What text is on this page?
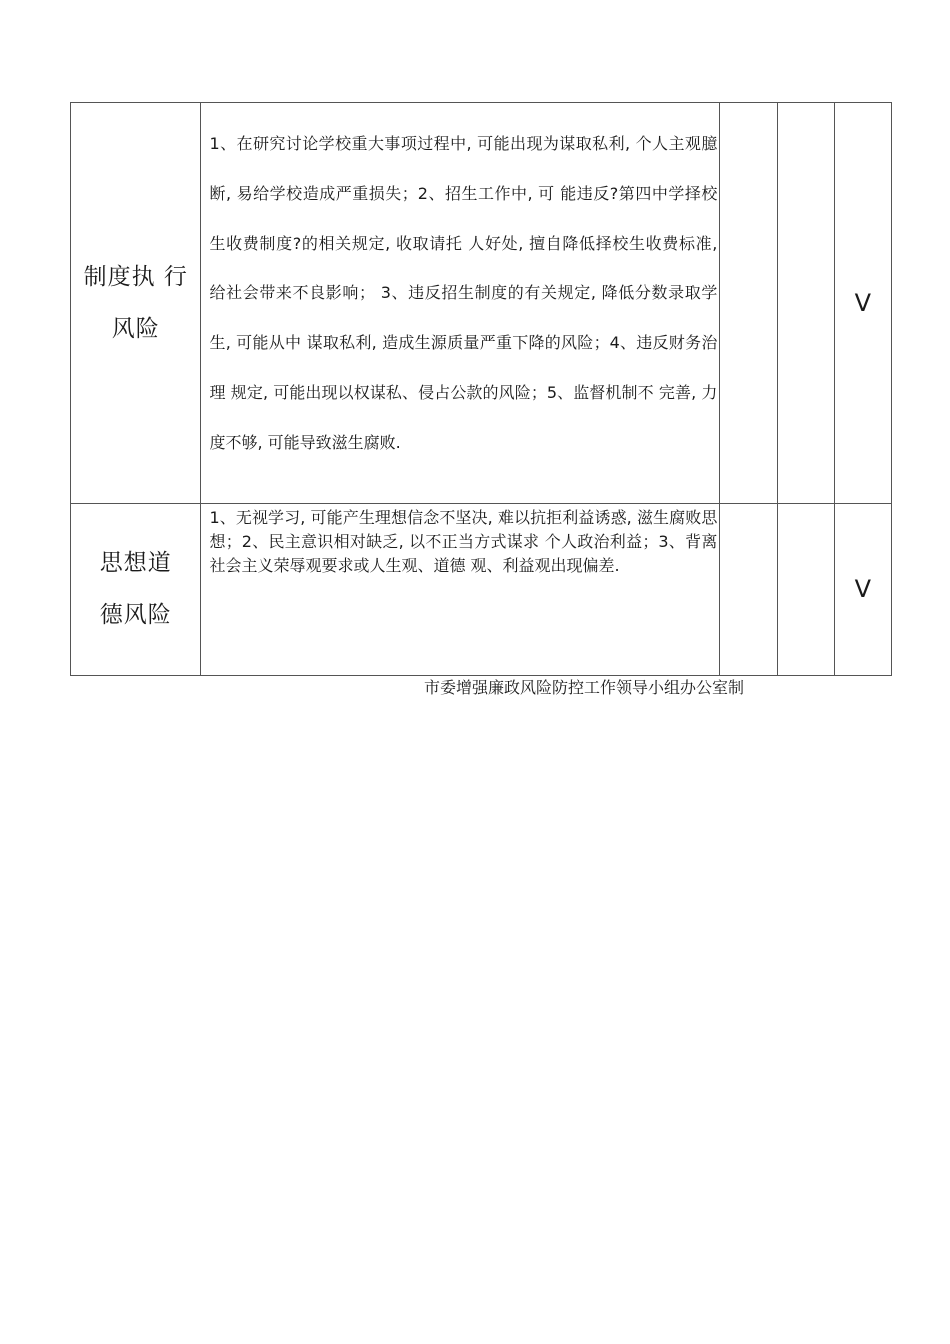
制度执 行
风险	1、在研究讨论学校重大事项过程中, 可能出现为谋取私利, 个人主观臆断, 易给学校造成严重损失；2、招生工作中, 可 能违反?第四中学择校生收费制度?的相关规定, 收取请托 人好处, 擅自降低择校生收费标准, 给社会带来不良影响； 3、违反招生制度的有关规定, 降低分数录取学生, 可能从中 谋取私利, 造成生源质量严重下降的风险；4、违反财务治理 规定, 可能出现以权谋私、侵占公款的风险；5、监督机制不 完善, 力度不够, 可能导致滋生腐败.			V

思想道
德风险	1、无视学习, 可能产生理想信念不坚决, 难以抗拒利益诱惑, 滋生腐败思想；2、民主意识相对缺乏, 以不正当方式谋求 个人政治利益；3、背离社会主义荣辱观要求或人生观、道德 观、利益观出现偏差.			V
市委增强廉政风险防控工作领导小组办公室制
